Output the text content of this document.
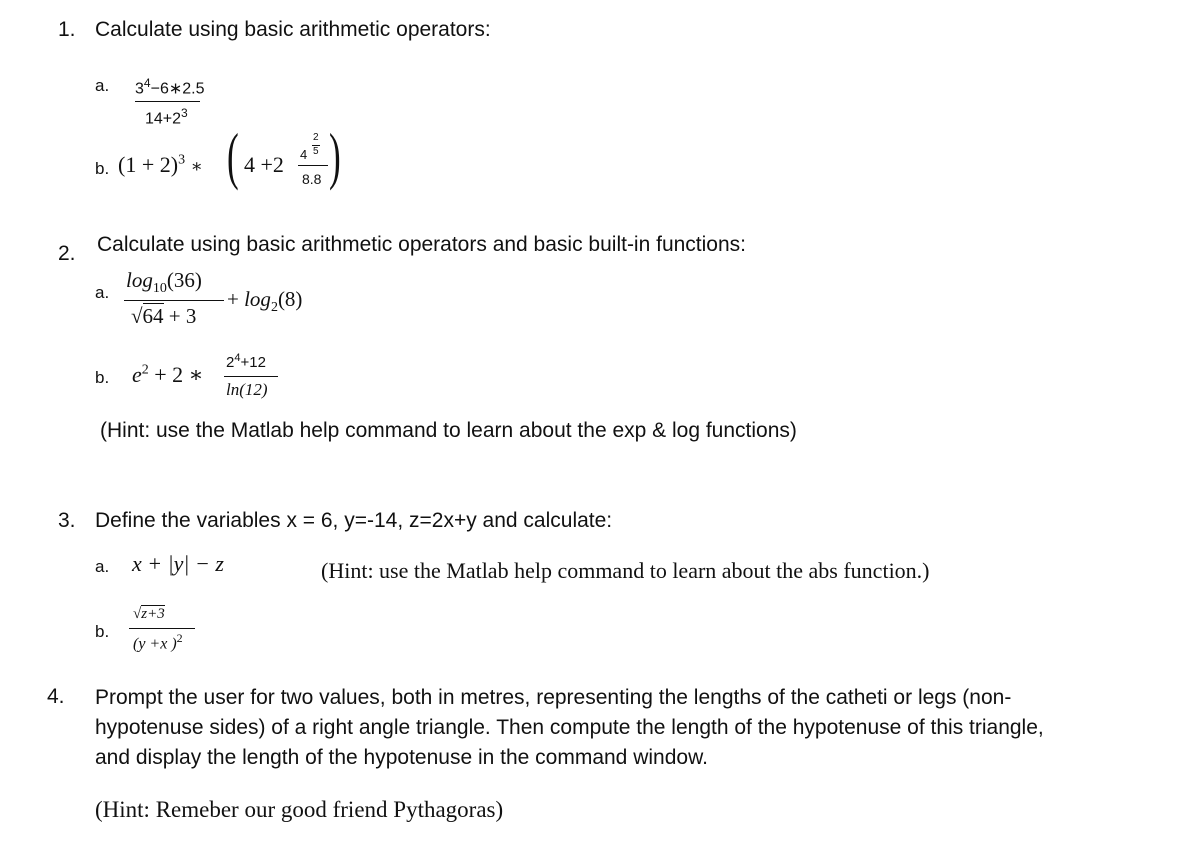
1. Calculate using basic arithmetic operators:
a. $3^4-6∗2.5$
$14+2^3$
b. $(1 + 2)^3$ ∗ ( 4 +2 4
2
5
8.8 )
2. Calculate using basic arithmetic operators and basic built-in functions:
a.
$\log_{10}(36)$
√64 + 3
+ $\log_2(8)$
b. $e^2 + 2$ ∗ $2^4+12$
ln(12)
(Hint: use the Matlab help command to learn about the exp & log functions)
3. Define the variables x = 6, y=-14, z=2x+y and calculate:
a. x + |y| − z	(Hint: use the Matlab help command to learn about the abs function.)
b.
√z+3
(y +x )$^2$
4. Prompt the user for two values, both in metres, representing the lengths of the catheti or legs (non-
hypotenuse sides) of a right angle triangle. Then compute the length of the hypotenuse of this triangle,
and display the length of the hypotenuse in the command window.
(Hint: Remeber our good friend Pythagoras)
